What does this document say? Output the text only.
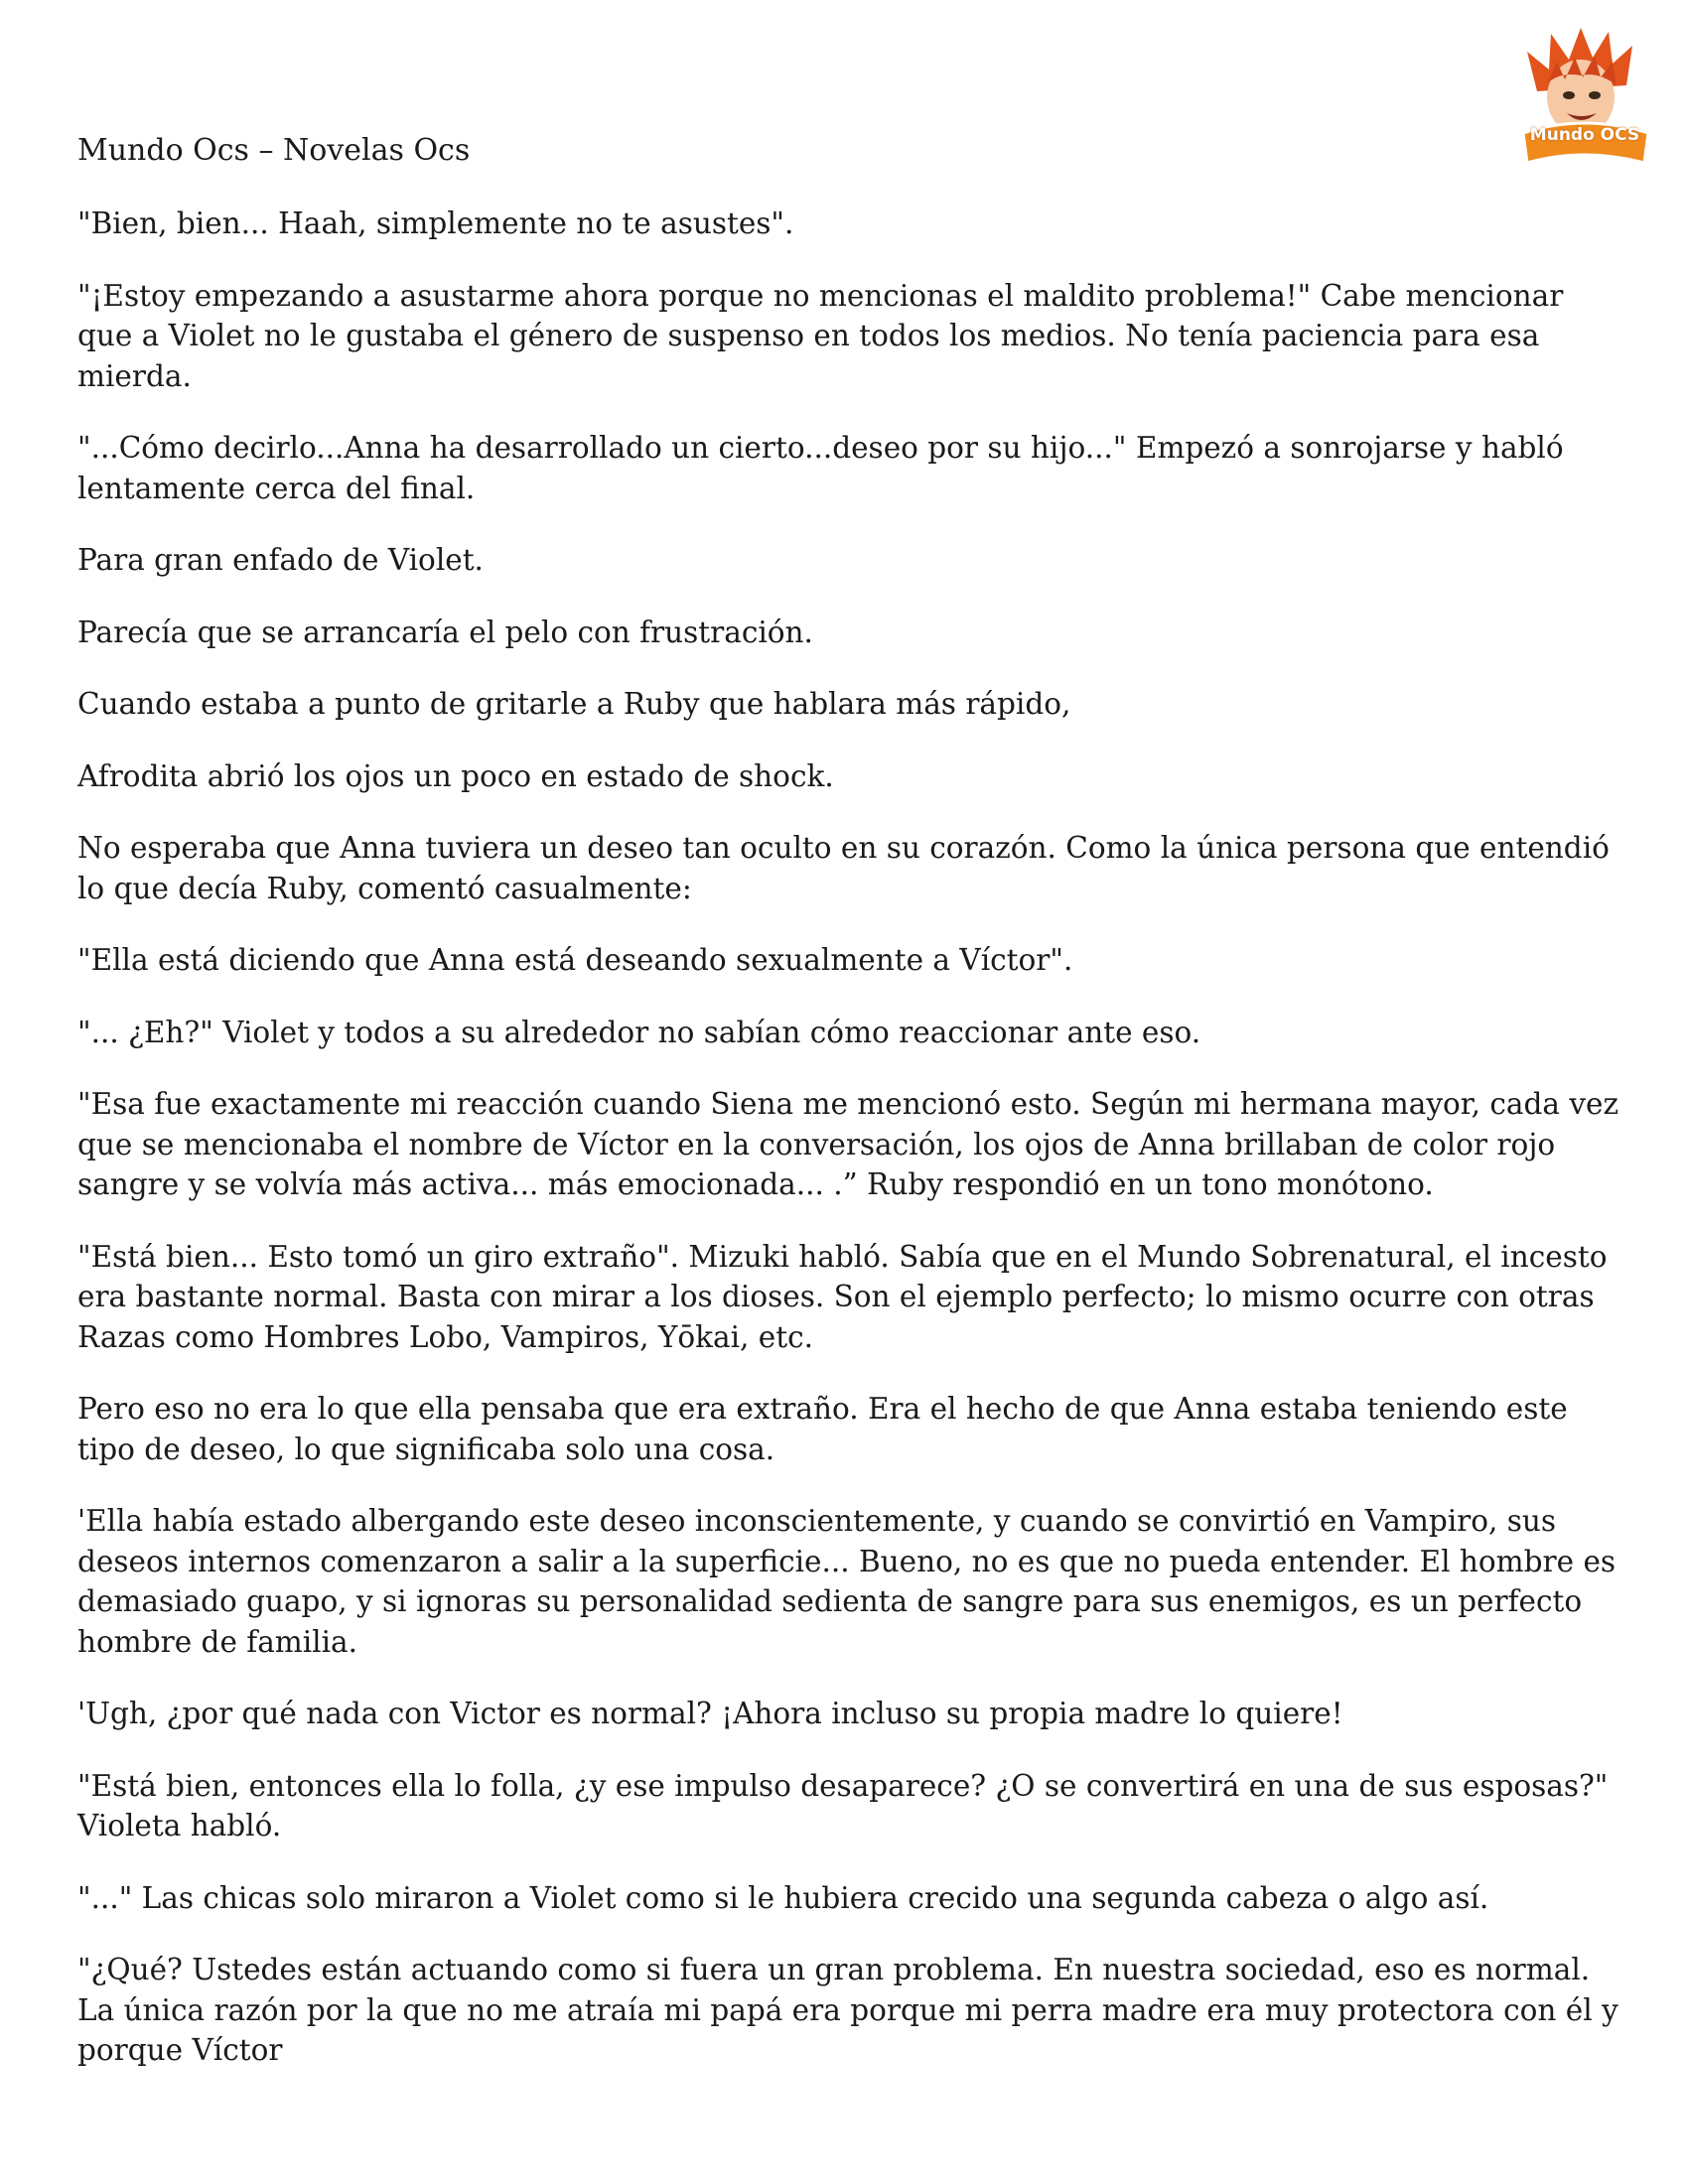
Mundo OCS
Mundo Ocs – Novelas Ocs

"Bien, bien... Haah, simplemente no te asustes".

"¡Estoy empezando a asustarme ahora porque no mencionas el maldito problema!" Cabe mencionar que a Violet no le gustaba el género de suspenso en todos los medios. No tenía paciencia para esa mierda.

"...Cómo decirlo...Anna ha desarrollado un cierto...deseo por su hijo..." Empezó a sonrojarse y habló lentamente cerca del final.

Para gran enfado de Violet.

Parecía que se arrancaría el pelo con frustración.

Cuando estaba a punto de gritarle a Ruby que hablara más rápido,

Afrodita abrió los ojos un poco en estado de shock.

No esperaba que Anna tuviera un deseo tan oculto en su corazón. Como la única persona que entendió lo que decía Ruby, comentó casualmente:

"Ella está diciendo que Anna está deseando sexualmente a Víctor".

"... ¿Eh?" Violet y todos a su alrededor no sabían cómo reaccionar ante eso.

"Esa fue exactamente mi reacción cuando Siena me mencionó esto. Según mi hermana mayor, cada vez que se mencionaba el nombre de Víctor en la conversación, los ojos de Anna brillaban de color rojo sangre y se volvía más activa... más emocionada... .” Ruby respondió en un tono monótono.

"Está bien... Esto tomó un giro extraño". Mizuki habló. Sabía que en el Mundo Sobrenatural, el incesto era bastante normal. Basta con mirar a los dioses. Son el ejemplo perfecto; lo mismo ocurre con otras Razas como Hombres Lobo, Vampiros, Yōkai, etc.

Pero eso no era lo que ella pensaba que era extraño. Era el hecho de que Anna estaba teniendo este tipo de deseo, lo que significaba solo una cosa.

'Ella había estado albergando este deseo inconscientemente, y cuando se convirtió en Vampiro, sus deseos internos comenzaron a salir a la superficie... Bueno, no es que no pueda entender. El hombre es demasiado guapo, y si ignoras su personalidad sedienta de sangre para sus enemigos, es un perfecto hombre de familia.

'Ugh, ¿por qué nada con Victor es normal? ¡Ahora incluso su propia madre lo quiere!

"Está bien, entonces ella lo folla, ¿y ese impulso desaparece? ¿O se convertirá en una de sus esposas?" Violeta habló.

"..." Las chicas solo miraron a Violet como si le hubiera crecido una segunda cabeza o algo así.

"¿Qué? Ustedes están actuando como si fuera un gran problema. En nuestra sociedad, eso es normal. La única razón por la que no me atraía mi papá era porque mi perra madre era muy protectora con él y porque Víctor
